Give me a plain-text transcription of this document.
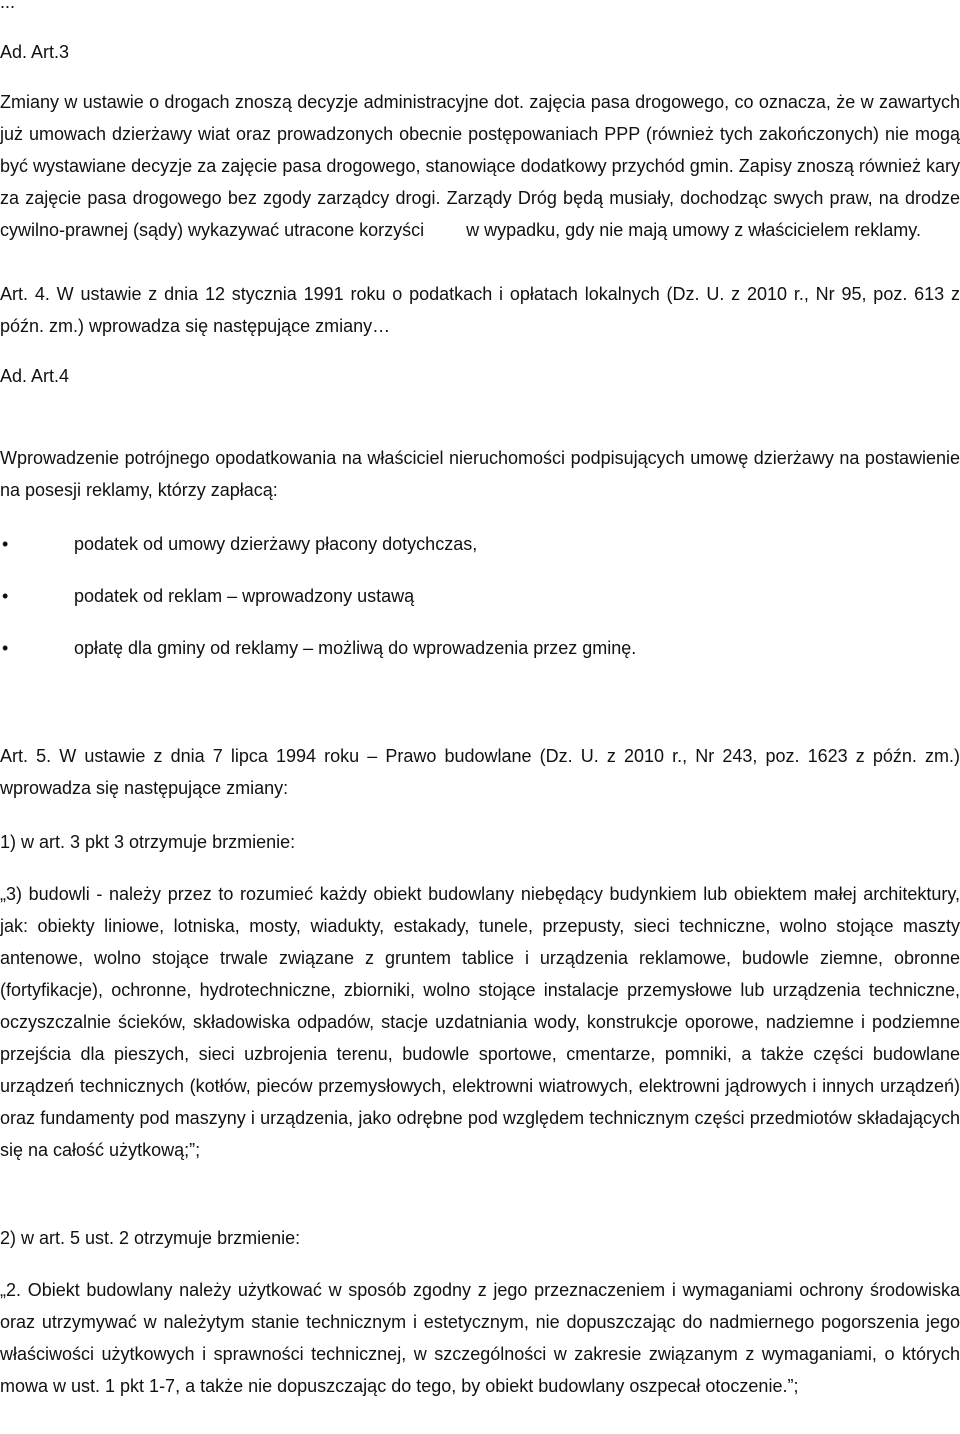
...
Ad. Art.3
Zmiany w ustawie o drogach znoszą decyzje administracyjne dot. zajęcia pasa drogowego, co oznacza, że w zawartych już umowach dzierżawy wiat oraz prowadzonych obecnie postępowaniach PPP (również tych zakończonych) nie mogą być wystawiane decyzje za zajęcie pasa drogowego, stanowiące dodatkowy przychód gmin. Zapisy znoszą również kary za zajęcie pasa drogowego bez zgody zarządcy drogi. Zarządy Dróg będą musiały, dochodząc swych praw, na drodze cywilno-prawnej (sądy) wykazywać utracone korzyści w wypadku, gdy nie mają umowy z właścicielem reklamy.
Art. 4. W ustawie z dnia 12 stycznia 1991 roku o podatkach i opłatach lokalnych (Dz. U. z 2010 r., Nr 95, poz. 613 z późn. zm.) wprowadza się następujące zmiany…
Ad. Art.4
Wprowadzenie potrójnego opodatkowania na właściciel nieruchomości podpisujących umowę dzierżawy na postawienie na posesji reklamy, którzy zapłacą:
•	podatek od umowy dzierżawy płacony dotychczas,
•	podatek od reklam – wprowadzony ustawą
•	opłatę dla gminy od reklamy – możliwą do wprowadzenia przez gminę.
Art. 5. W ustawie z dnia 7 lipca 1994 roku – Prawo budowlane (Dz. U. z 2010 r., Nr 243, poz. 1623 z późn. zm.) wprowadza się następujące zmiany:
1) w art. 3 pkt 3 otrzymuje brzmienie:
„3) budowli - należy przez to rozumieć każdy obiekt budowlany niebędący budynkiem lub obiektem małej architektury, jak: obiekty liniowe, lotniska, mosty, wiadukty, estakady, tunele, przepusty, sieci techniczne, wolno stojące maszty antenowe, wolno stojące trwale związane z gruntem tablice i urządzenia reklamowe, budowle ziemne, obronne (fortyfikacje), ochronne, hydrotechniczne, zbiorniki, wolno stojące instalacje przemysłowe lub urządzenia techniczne, oczyszczalnie ścieków, składowiska odpadów, stacje uzdatniania wody, konstrukcje oporowe, nadziemne i podziemne przejścia dla pieszych, sieci uzbrojenia terenu, budowle sportowe, cmentarze, pomniki, a także części budowlane urządzeń technicznych (kotłów, pieców przemysłowych, elektrowni wiatrowych, elektrowni jądrowych i innych urządzeń) oraz fundamenty pod maszyny i urządzenia, jako odrębne pod względem technicznym części przedmiotów składających się na całość użytkową;”;
2) w art. 5 ust. 2 otrzymuje brzmienie:
„2. Obiekt budowlany należy użytkować w sposób zgodny z jego przeznaczeniem i wymaganiami ochrony środowiska oraz utrzymywać w należytym stanie technicznym i estetycznym, nie dopuszczając do nadmiernego pogorszenia jego właściwości użytkowych i sprawności technicznej, w szczególności w zakresie związanym z wymaganiami, o których mowa w ust. 1 pkt 1-7, a także nie dopuszczając do tego, by obiekt budowlany oszpecał otoczenie.”;
